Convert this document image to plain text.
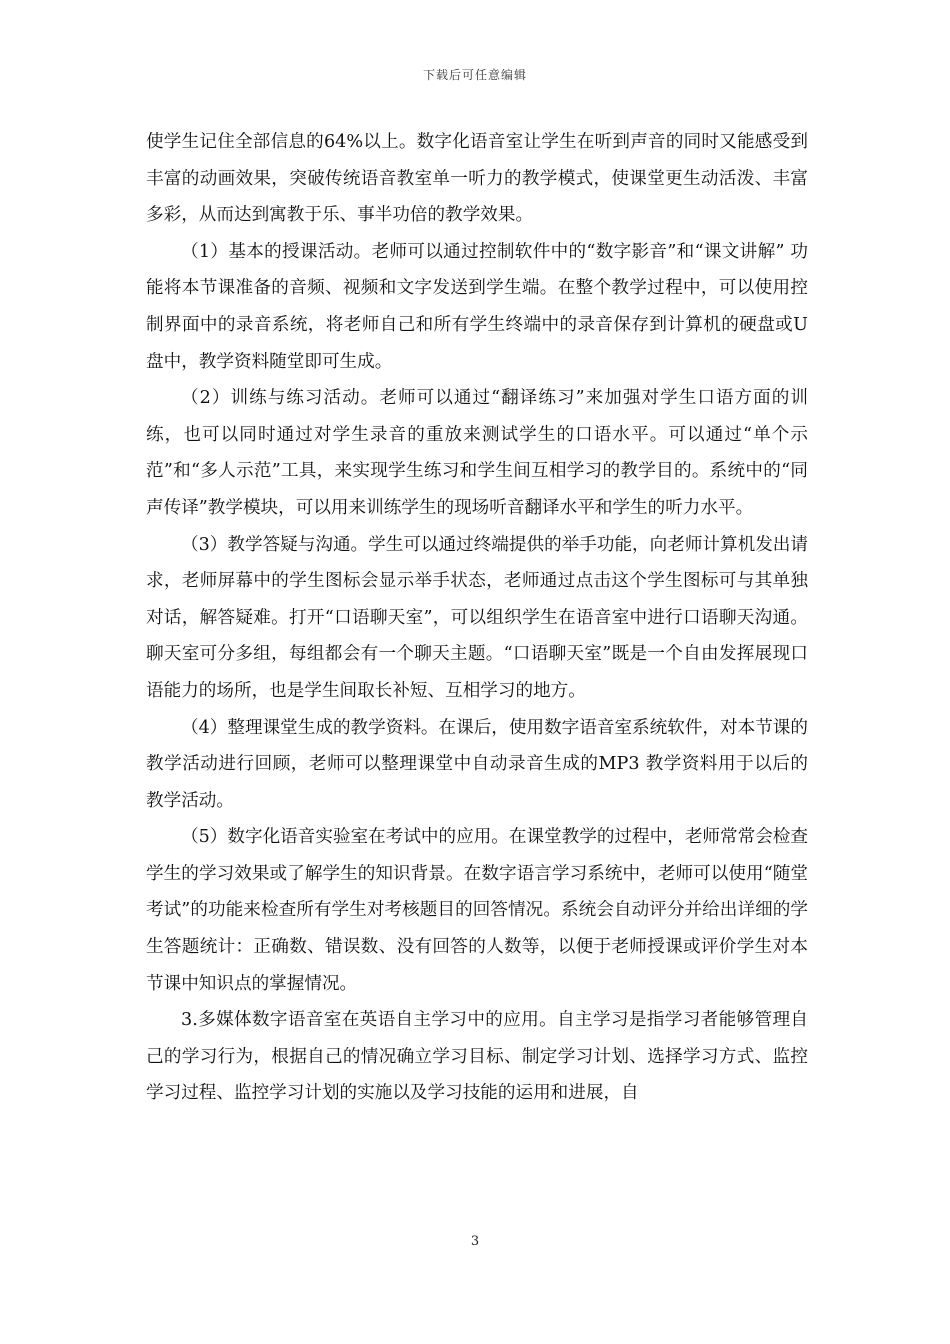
下载后可任意编辑

使学生记住全部信息的64%以上。数字化语音室让学生在听到声音的同时又能感受到丰富的动画效果，突破传统语音教室单一听力的教学模式，使课堂更生动活泼、丰富多彩，从而达到寓教于乐、事半功倍的教学效果。

（1）基本的授课活动。老师可以通过控制软件中的“数字影音”和“课文讲解” 功能将本节课准备的音频、视频和文字发送到学生端。在整个教学过程中，可以使用控制界面中的录音系统，将老师自己和所有学生终端中的录音保存到计算机的硬盘或U盘中，教学资料随堂即可生成。

（2）训练与练习活动。老师可以通过“翻译练习”来加强对学生口语方面的训练，也可以同时通过对学生录音的重放来测试学生的口语水平。可以通过“单个示范”和“多人示范”工具，来实现学生练习和学生间互相学习的教学目的。系统中的“同声传译”教学模块，可以用来训练学生的现场听音翻译水平和学生的听力水平。

（3）教学答疑与沟通。学生可以通过终端提供的举手功能，向老师计算机发出请求，老师屏幕中的学生图标会显示举手状态，老师通过点击这个学生图标可与其单独对话，解答疑难。打开“口语聊天室”，可以组织学生在语音室中进行口语聊天沟通。聊天室可分多组，每组都会有一个聊天主题。“口语聊天室”既是一个自由发挥展现口语能力的场所，也是学生间取长补短、互相学习的地方。

（4）整理课堂生成的教学资料。在课后，使用数字语音室系统软件，对本节课的教学活动进行回顾，老师可以整理课堂中自动录音生成的MP3 教学资料用于以后的教学活动。

（5）数字化语音实验室在考试中的应用。在课堂教学的过程中，老师常常会检查学生的学习效果或了解学生的知识背景。在数字语言学习系统中，老师可以使用“随堂考试”的功能来检查所有学生对考核题目的回答情况。系统会自动评分并给出详细的学生答题统计：正确数、错误数、没有回答的人数等，以便于老师授课或评价学生对本节课中知识点的掌握情况。

3.多媒体数字语音室在英语自主学习中的应用。自主学习是指学习者能够管理自己的学习行为，根据自己的情况确立学习目标、制定学习计划、选择学习方式、监控学习过程、监控学习计划的实施以及学习技能的运用和进展，自

3
